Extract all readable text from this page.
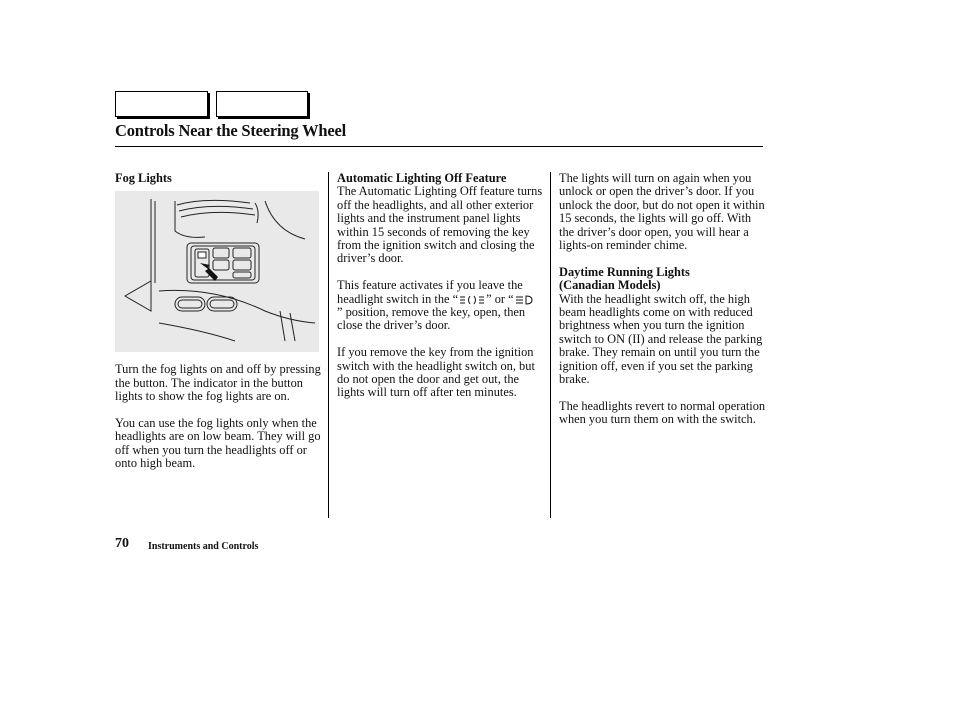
Controls Near the Steering Wheel
Fog Lights

Turn the fog lights on and off by pressing the button. The indicator in the button lights to show the fog lights are on.

You can use the fog lights only when the headlights are on low beam. They will go off when you turn the headlights off or onto high beam.

Automatic Lighting Off Feature

The Automatic Lighting Off feature turns off the headlights, and all other exterior lights and the instrument panel lights within 15 seconds of removing the key from the ignition switch and closing the driver’s door.

This feature activates if you leave the headlight switch in the “ ” or “” position, remove the key, open, then close the driver’s door.

If you remove the key from the ignition switch with the headlight switch on, but do not open the door and get out, the lights will turn off after ten minutes.

The lights will turn on again when you unlock or open the driver’s door. If you unlock the door, but do not open it within 15 seconds, the lights will go off. With the driver’s door open, you will hear a lights-on reminder chime.

Daytime Running Lights
(Canadian Models)

With the headlight switch off, the high beam headlights come on with reduced brightness when you turn the ignition switch to ON (II) and release the parking brake. They remain on until you turn the ignition off, even if you set the parking brake.

The headlights revert to normal operation when you turn them on with the switch.

70 Instruments and Controls
